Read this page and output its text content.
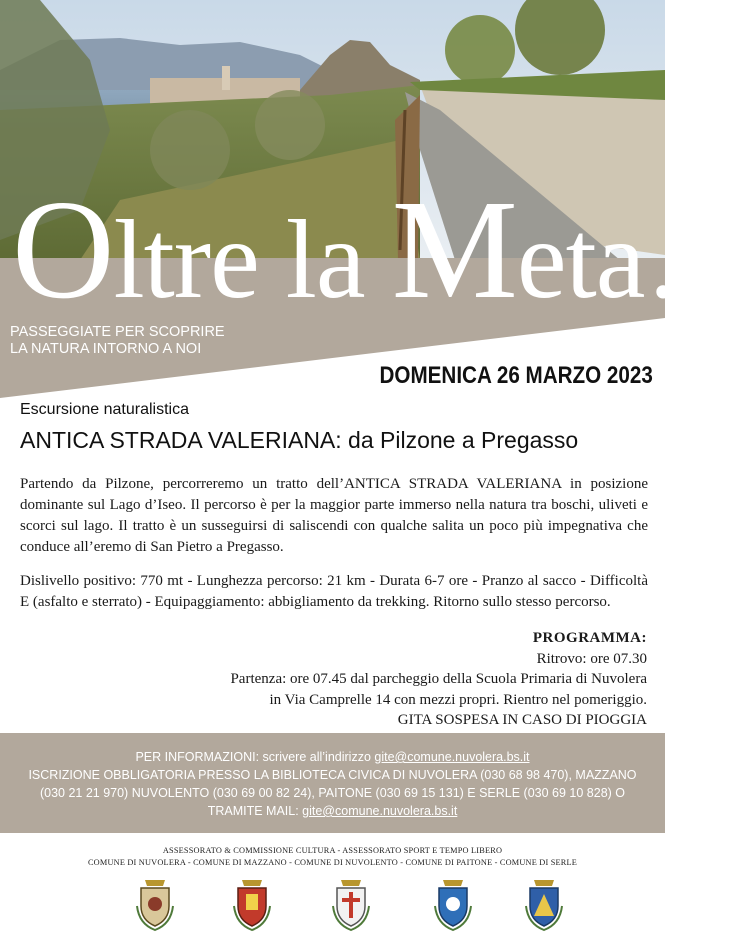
Oltre la Meta…
PASSEGGIATE PER SCOPRIRE
LA NATURA INTORNO A NOI
DOMENICA 26 MARZO 2023
Escursione naturalistica
ANTICA STRADA VALERIANA: da Pilzone a Pregasso

Partendo da Pilzone, percorreremo un tratto dell’ANTICA STRADA VALERIANA in posizione dominante sul Lago d’Iseo. Il percorso è per la maggior parte immerso nella natura tra boschi, uliveti e scorci sul lago. Il tratto è un susseguirsi di saliscendi con qualche salita un poco più impegnativa che conduce all’eremo di San Pietro a Pregasso.

Dislivello positivo: 770 mt - Lunghezza percorso: 21 km - Durata 6-7 ore - Pranzo al sacco - Difficoltà E (asfalto e sterrato) - Equipaggiamento: abbigliamento da trekking. Ritorno sullo stesso percorso.

PROGRAMMA:
Ritrovo: ore 07.30
Partenza: ore 07.45 dal parcheggio della Scuola Primaria di Nuvolera
in Via Camprelle 14 con mezzi propri. Rientro nel pomeriggio.
GITA SOSPESA IN CASO DI PIOGGIA
PER INFORMAZIONI: scrivere all’indirizzo gite@comune.nuvolera.bs.it
ISCRIZIONE OBBLIGATORIA PRESSO LA BIBLIOTECA CIVICA DI NUVOLERA (030 68 98 470), MAZZANO (030 21 21 970) NUVOLENTO (030 69 00 82 24), PAITONE (030 69 15 131) E SERLE (030 69 10 828) O TRAMITE MAIL: gite@comune.nuvolera.bs.it
ASSESSORATO & COMMISSIONE CULTURA - ASSESSORATO SPORT E TEMPO LIBERO
COMUNE DI NUVOLERA - COMUNE DI MAZZANO - COMUNE DI NUVOLENTO - COMUNE DI PAITONE - COMUNE DI SERLE
